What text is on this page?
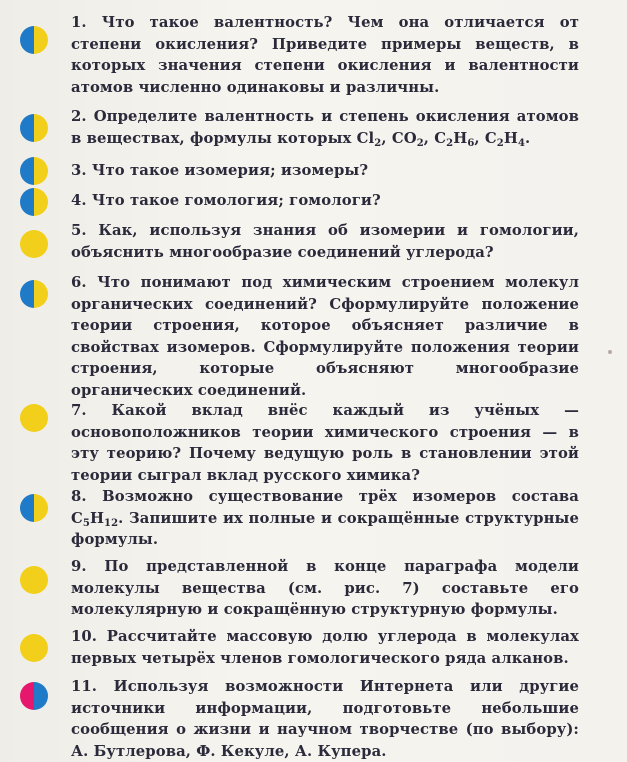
1. Что такое валентность? Чем она отличается от степени окисления? Приведите примеры веществ, в которых значения степени окисления и валентности атомов численно одинаковы и различны.
2. Определите валентность и степень окисления атомов в веществах, формулы которых $Cl_2$, $CO_2$, $C_2H_6$, $C_2H_4$.
3. Что такое изомерия; изомеры?
4. Что такое гомология; гомологи?
5. Как, используя знания об изомерии и гомологии, объяснить многообразие соединений углерода?
6. Что понимают под химическим строением молекул органических соединений? Сформулируйте положение теории строения, которое объясняет различие в свойствах изомеров. Сформулируйте положения теории строения, которые объясняют многообразие органических соединений.
7. Какой вклад внёс каждый из учёных — основоположников теории химического строения — в эту теорию? Почему ведущую роль в становлении этой теории сыграл вклад русского химика?
8. Возможно существование трёх изомеров состава $C_5H_{12}$. Запишите их полные и сокращённые структурные формулы.
9. По представленной в конце параграфа модели молекулы вещества (см. рис. 7) составьте его молекулярную и сокращённую структурную формулы.
10. Рассчитайте массовую долю углерода в молекулах первых четырёх членов гомологического ряда алканов.
11. Используя возможности Интернета или другие источники информации, подготовьте небольшие сообщения о жизни и научном творчестве (по выбору): А. Бутлерова, Ф. Кекуле, А. Купера.
